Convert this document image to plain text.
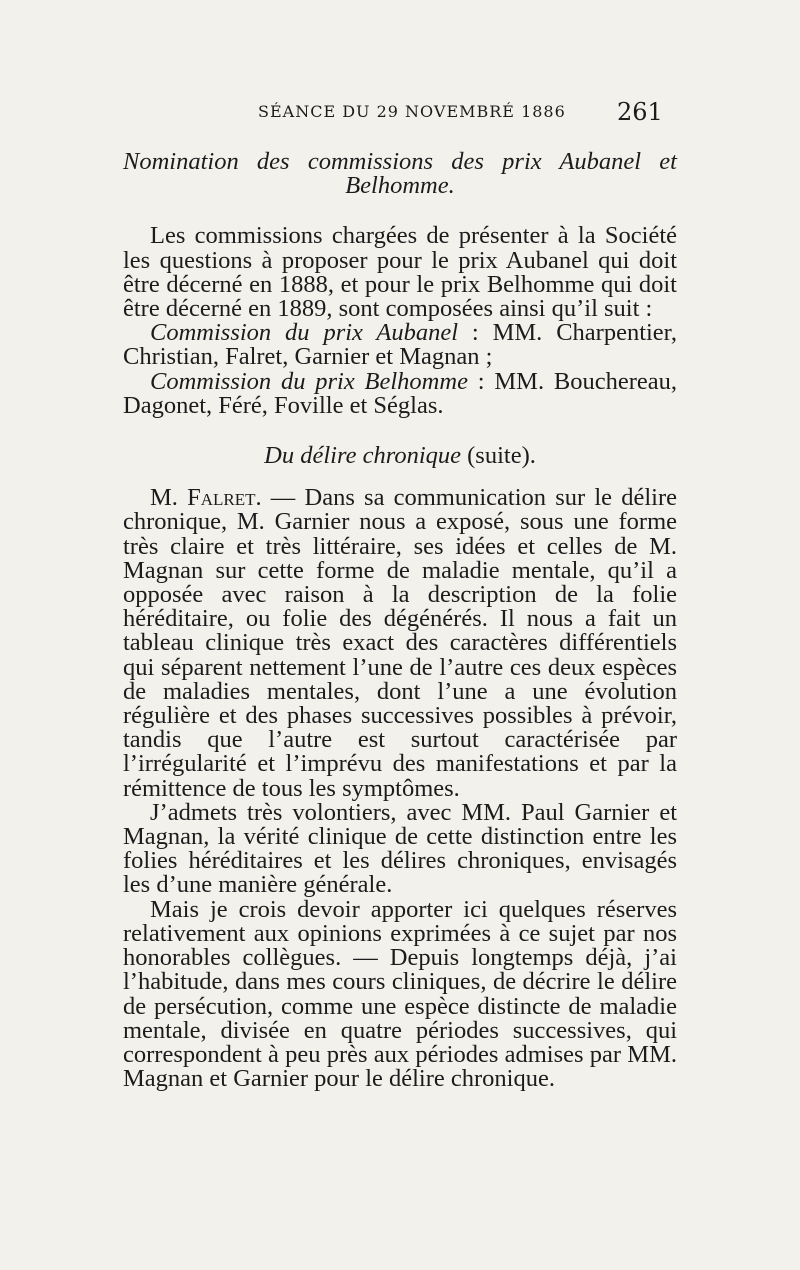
SÉANCE DU 29 NOVEMBRÉ 1886 261
Nomination des commissions des prix Aubanel et
Belhomme.

Les commissions chargées de présenter à la Société les questions à proposer pour le prix Aubanel qui doit être décerné en 1888, et pour le prix Belhomme qui doit être décerné en 1889, sont composées ainsi qu’il suit :

Commission du prix Aubanel : MM. Charpentier, Christian, Falret, Garnier et Magnan ;

Commission du prix Belhomme : MM. Bouchereau, Dagonet, Féré, Foville et Séglas.

Du délire chronique (suite).

M. Falret. — Dans sa communication sur le délire chronique, M. Garnier nous a exposé, sous une forme très claire et très littéraire, ses idées et celles de M. Magnan sur cette forme de maladie mentale, qu’il a opposée avec raison à la description de la folie héréditaire, ou folie des dégénérés. Il nous a fait un tableau clinique très exact des caractères différentiels qui séparent nettement l’une de l’autre ces deux espèces de maladies mentales, dont l’une a une évolution régulière et des phases successives possibles à prévoir, tandis que l’autre est surtout caractérisée par l’irrégularité et l’imprévu des manifestations et par la rémittence de tous les symptômes.

J’admets très volontiers, avec MM. Paul Garnier et Magnan, la vérité clinique de cette distinction entre les folies héréditaires et les délires chroniques, envisagés les d’une manière générale.

Mais je crois devoir apporter ici quelques réserves relativement aux opinions exprimées à ce sujet par nos honorables collègues. — Depuis longtemps déjà, j’ai l’habitude, dans mes cours cliniques, de décrire le délire de persécution, comme une espèce distincte de maladie mentale, divisée en quatre périodes successives, qui correspondent à peu près aux périodes admises par MM. Magnan et Garnier pour le délire chronique.
